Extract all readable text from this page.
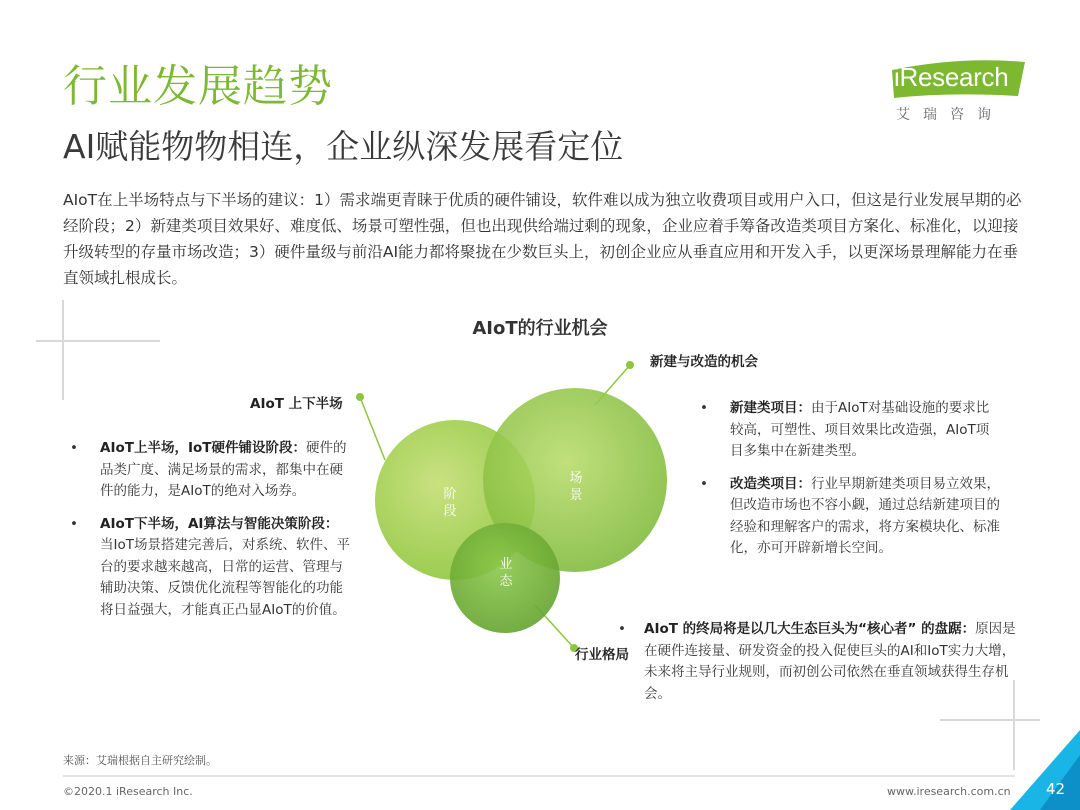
行业发展趋势
AI赋能物物相连，企业纵深发展看定位
iResearch
艾瑞咨询
AIoT在上半场特点与下半场的建议：1）需求端更青睐于优质的硬件铺设，软件难以成为独立收费项目或用户入口，但这是行业发展早期的必经阶段；2）新建类项目效果好、难度低、场景可塑性强，但也出现供给端过剩的现象，企业应着手筹备改造类项目方案化、标准化，以迎接升级转型的存量市场改造；3）硬件量级与前沿AI能力都将聚拢在少数巨头上，初创企业应从垂直应用和开发入手，以更深场景理解能力在垂直领域扎根成长。
AIoT的行业机会
阶段
场景
业态
AIoT 上下半场
新建与改造的机会
行业格局
• AIoT上半场，IoT硬件铺设阶段：硬件的品类广度、满足场景的需求，都集中在硬件的能力，是AIoT的绝对入场券。
• AIoT下半场，AI算法与智能决策阶段：当IoT场景搭建完善后，对系统、软件、平台的要求越来越高，日常的运营、管理与辅助决策、反馈优化流程等智能化的功能将日益强大，才能真正凸显AIoT的价值。
• 新建类项目：由于AIoT对基础设施的要求比较高，可塑性、项目效果比改造强，AIoT项目多集中在新建类型。
• 改造类项目：行业早期新建类项目易立效果，但改造市场也不容小觑，通过总结新建项目的经验和理解客户的需求，将方案模块化、标准化，亦可开辟新增长空间。
• AIoT 的终局将是以几大生态巨头为“核心者” 的盘踞：原因是在硬件连接量、研发资金的投入促使巨头的AI和IoT实力大增，未来将主导行业规则，而初创公司依然在垂直领域获得生存机会。
来源：艾瑞根据自主研究绘制。
©2020.1 iResearch Inc.	www.iresearch.com.cn 42
